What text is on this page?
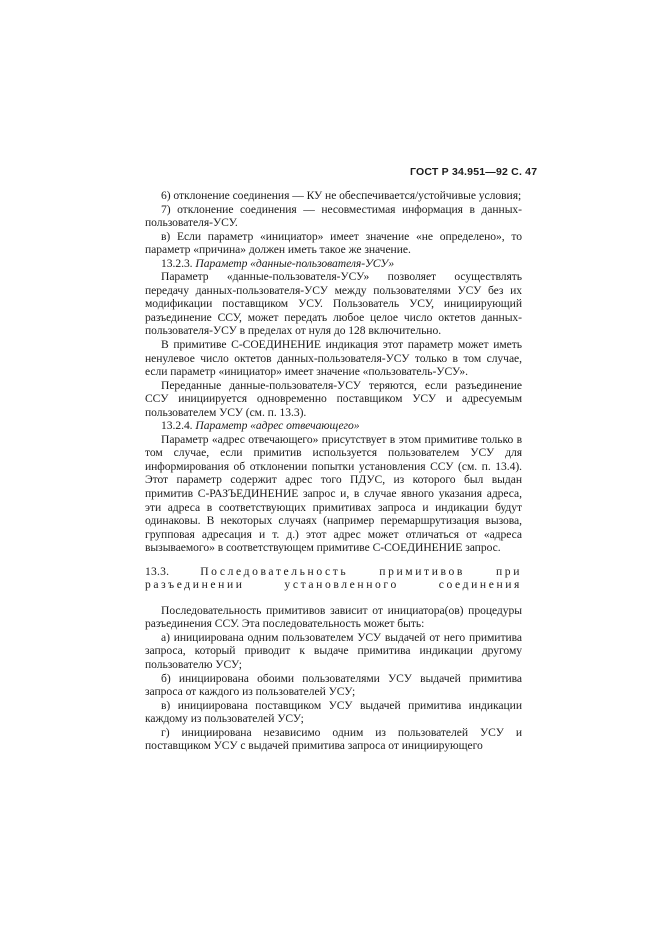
ГОСТ Р 34.951—92 С. 47

6) отклонение соединения — КУ не обеспечивается/устойчивые условия;

7) отклонение соединения — несовместимая информация в данных-пользователя-УСУ.

в) Если параметр «инициатор» имеет значение «не определено», то параметр «причина» должен иметь такое же значение.

13.2.3. Параметр «данные-пользователя-УСУ»

Параметр «данные-пользователя-УСУ» позволяет осуществлять передачу данных-пользователя-УСУ между пользователями УСУ без их модификации поставщиком УСУ. Пользователь УСУ, инициирующий разъединение ССУ, может передать любое целое число октетов данных-пользователя-УСУ в пределах от нуля до 128 включительно.

В примитиве С-СОЕДИНЕНИЕ индикация этот параметр может иметь ненулевое число октетов данных-пользователя-УСУ только в том случае, если параметр «инициатор» имеет значение «пользователь-УСУ».

Переданные данные-пользователя-УСУ теряются, если разъединение ССУ инициируется одновременно поставщиком УСУ и адресуемым пользователем УСУ (см. п. 13.3).

13.2.4. Параметр «адрес отвечающего»

Параметр «адрес отвечающего» присутствует в этом примитиве только в том случае, если примитив используется пользователем УСУ для информирования об отклонении попытки установления ССУ (см. п. 13.4). Этот параметр содержит адрес того ПДУС, из которого был выдан примитив С-РАЗЪЕДИНЕНИЕ запрос и, в случае явного указания адреса, эти адреса в соответствующих примитивах запроса и индикации будут одинаковы. В некоторых случаях (например перемаршрутизация вызова, групповая адресация и т. д.) этот адрес может отличаться от «адреса вызываемого» в соответствующем примитиве С-СОЕДИНЕНИЕ запрос.

13.3.	Последовательность примитивов при разъединении установленного соединения

Последовательность примитивов зависит от инициатора(ов) процедуры разъединения ССУ. Эта последовательность может быть:

а) инициирована одним пользователем УСУ выдачей от него примитива запроса, который приводит к выдаче примитива индикации другому пользователю УСУ;

б) инициирована обоими пользователями УСУ выдачей примитива запроса от каждого из пользователей УСУ;

в) инициирована поставщиком УСУ выдачей примитива индикации каждому из пользователей УСУ;

г) инициирована независимо одним из пользователей УСУ и поставщиком УСУ с выдачей примитива запроса от инициирующего
